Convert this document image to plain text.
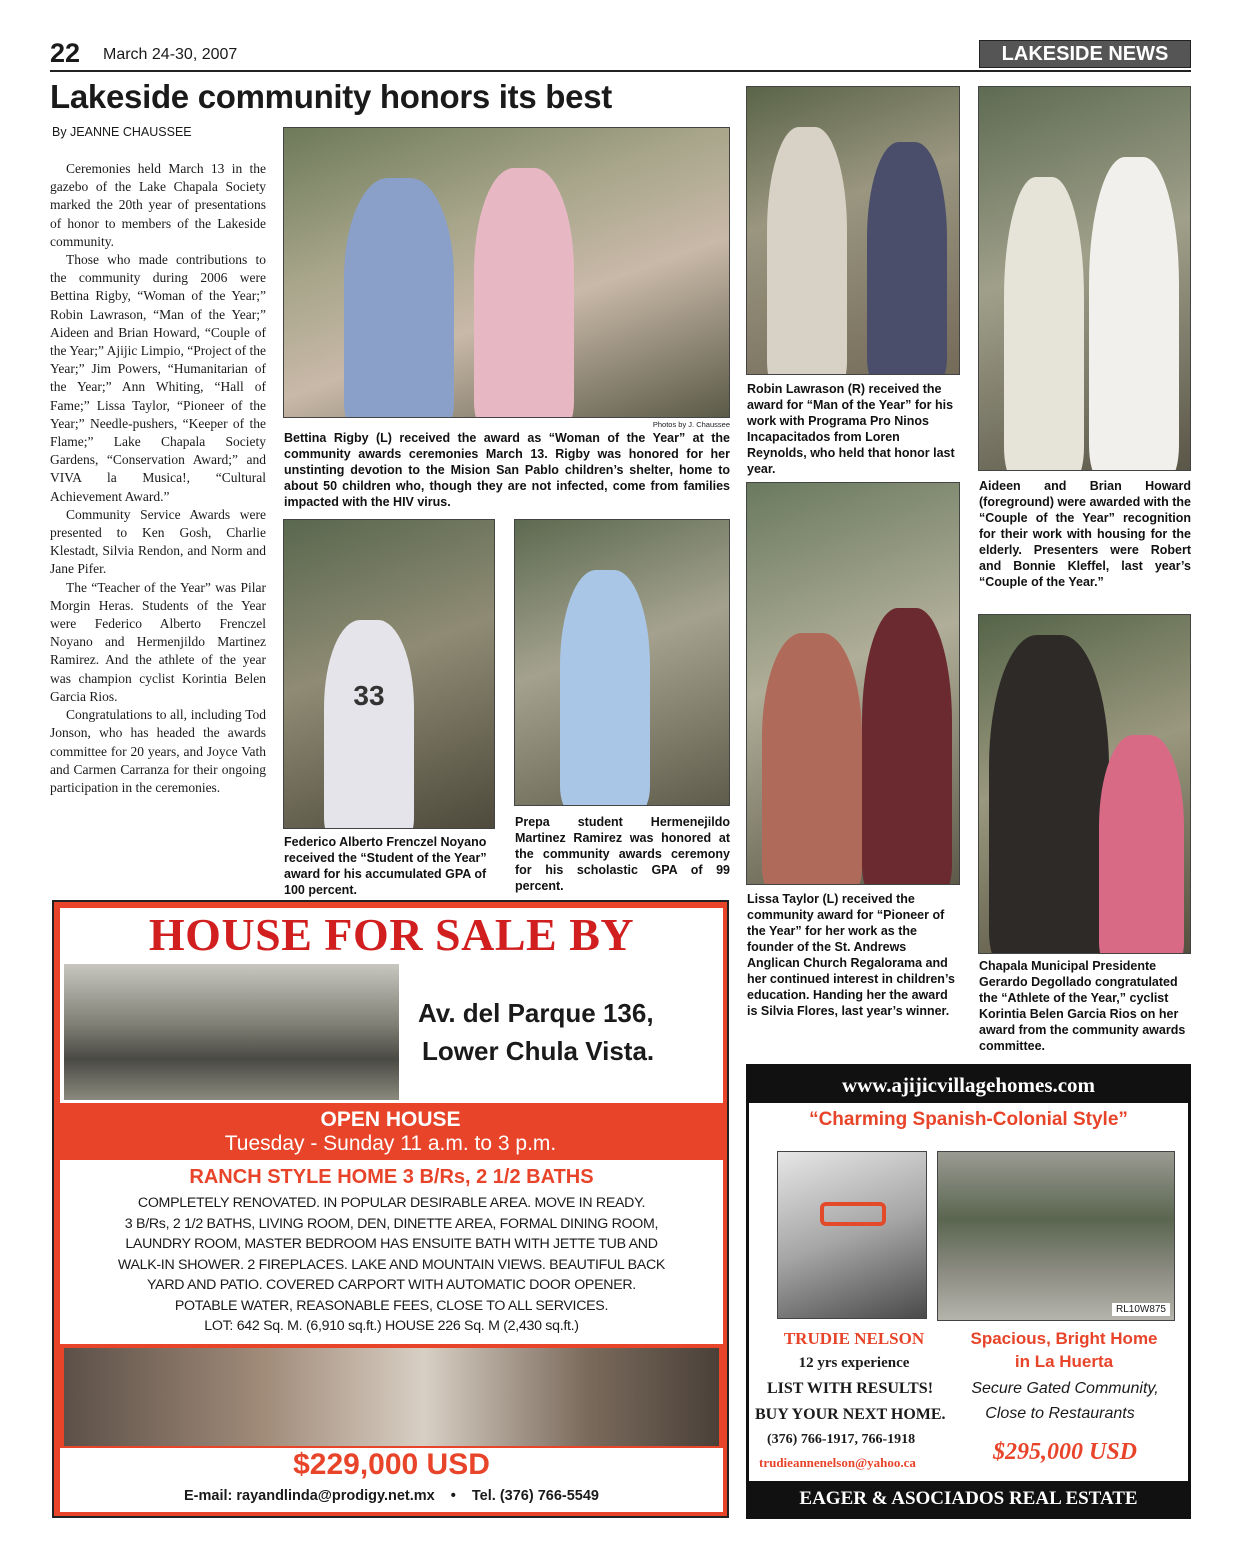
22 March 24-30, 2007	LAKESIDE NEWS
Lakeside community honors its best
By JEANNE CHAUSSEE

Ceremonies held March 13 in the gazebo of the Lake Chapala Society marked the 20th year of presentations of honor to members of the Lakeside community.

Those who made contributions to the community during 2006 were Bettina Rigby, “Woman of the Year;” Robin Lawrason, “Man of the Year;” Aideen and Brian Howard, “Couple of the Year;” Ajijic Limpio, “Project of the Year;” Jim Powers, “Humanitarian of the Year;” Ann Whiting, “Hall of Fame;” Lissa Taylor, “Pioneer of the Year;” Needle-pushers, “Keeper of the Flame;” Lake Chapala Society Gardens, “Conservation Award;” and VIVA la Musica!, “Cultural Achievement Award.”

Community Service Awards were presented to Ken Gosh, Charlie Klestadt, Silvia Rendon, and Norm and Jane Pifer.

The “Teacher of the Year” was Pilar Morgin Heras. Students of the Year were Federico Alberto Frenczel Noyano and Hermenjildo Martinez Ramirez. And the athlete of the year was champion cyclist Korintia Belen Garcia Rios.

Congratulations to all, including Tod Jonson, who has headed the awards committee for 20 years, and Joyce Vath and Carmen Carranza for their ongoing participation in the ceremonies.

Photos by J. Chaussee
Bettina Rigby (L) received the award as “Woman of the Year” at the community awards ceremonies March 13. Rigby was honored for her unstinting devotion to the Mision San Pablo children’s shelter, home to about 50 children who, though they are not infected, come from families impacted with the HIV virus.
Robin Lawrason (R) received the award for “Man of the Year” for his work with Programa Pro Ninos Incapacitados from Loren Reynolds, who held that honor last year.
Aideen and Brian Howard (foreground) were awarded with the “Couple of the Year” recognition for their work with housing for the elderly. Presenters were Robert and Bonnie Kleffel, last year’s “Couple of the Year.”
33
Federico Alberto Frenczel Noyano received the “Student of the Year” award for his accumulated GPA of 100 percent.
Prepa student Hermenejildo Martinez Ramirez was honored at the community awards ceremony for his scholastic GPA of 99 percent.
Lissa Taylor (L) received the community award for “Pioneer of the Year” for her work as the founder of the St. Andrews Anglican Church Regalorama and her continued interest in children’s education. Handing her the award is Silvia Flores, last year’s winner.
Chapala Municipal Presidente Gerardo Degollado congratulated the “Athlete of the Year,” cyclist Korintia Belen Garcia Rios on her award from the community awards committee.
HOUSE FOR SALE BY
Av. del Parque 136,
Lower Chula Vista.
OPEN HOUSE
Tuesday - Sunday 11 a.m. to 3 p.m.
RANCH STYLE HOME 3 B/Rs, 2 1/2 BATHS
COMPLETELY RENOVATED. IN POPULAR DESIRABLE AREA. MOVE IN READY.
3 B/Rs, 2 1/2 BATHS, LIVING ROOM, DEN, DINETTE AREA, FORMAL DINING ROOM,
LAUNDRY ROOM, MASTER BEDROOM HAS ENSUITE BATH WITH JETTE TUB AND
WALK-IN SHOWER. 2 FIREPLACES. LAKE AND MOUNTAIN VIEWS. BEAUTIFUL BACK
YARD AND PATIO. COVERED CARPORT WITH AUTOMATIC DOOR OPENER.
POTABLE WATER, REASONABLE FEES, CLOSE TO ALL SERVICES.
LOT: 642 Sq. M. (6,910 sq.ft.) HOUSE 226 Sq. M (2,430 sq.ft.)
$229,000 USD
E-mail: rayandlinda@prodigy.net.mx • Tel. (376) 766-5549
www.ajijicvillagehomes.com
“Charming Spanish-Colonial Style”
RL10W875
TRUDIE NELSON
12 yrs experience
LIST WITH RESULTS!
BUY YOUR NEXT HOME.
(376) 766-1917, 766-1918
trudieannenelson@yahoo.ca
Spacious, Bright Home
in La Huerta
Secure Gated Community,
Close to Restaurants
$295,000 USD
EAGER & ASOCIADOS REAL ESTATE
